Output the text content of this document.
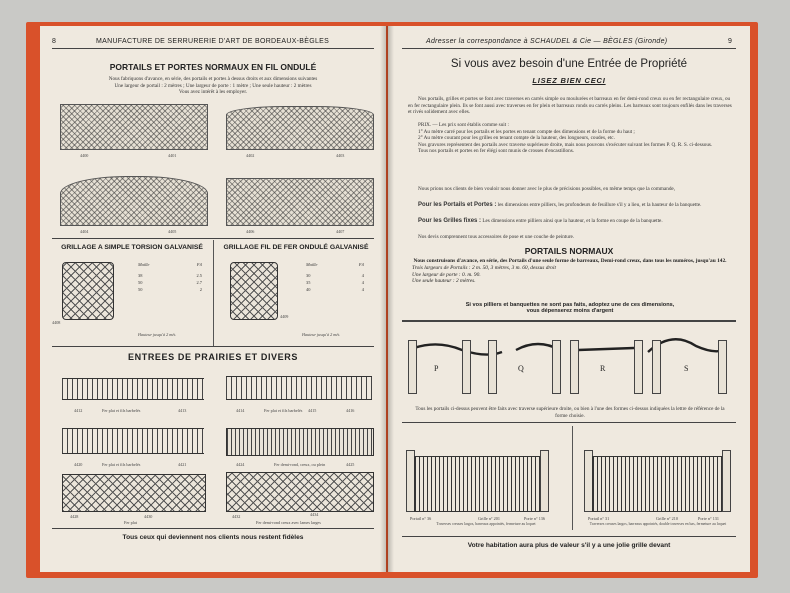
8	MANUFACTURE DE SERRURERIE D'ART DE BORDEAUX-BÈGLES
PORTAILS ET PORTES NORMAUX EN FIL ONDULÉ
Nous fabriquons d'avance, en série, des portails et portes à dessus droits et aux dimensions suivantes
Une largeur de portail : 2 mètres ; Une largeur de porte : 1 mètre ; Une seule hauteur : 2 mètres
Vous avez intérêt à les employer.
4400	4401	4402	4403
4404	4405	4406	4407
GRILLAGE A SIMPLE TORSION GALVANISÉ	GRILLAGE FIL DE FER ONDULÉ GALVANISÉ
4408
Maille	Fil
38	2.5
50	2.7
50	2
Hauteur jusqu'à 2 mèt.
4409
Maille	Fil
30	4
35	4
40	4
Hauteur jusqu'à 2 mèt.
ENTREES DE PRAIRIES ET DIVERS
4412	Fer plat et fils barbelés	4413	4414	Fer plat et fils barbelés 4415	4416
4420	Fer plat et fils barbelés	4421	4424	Fer demi-rond, creux, ou plein	4425
4428
Fer plat
4430	4432	4434
Fer demi-rond creux avec lames larges
Tous ceux qui deviennent nos clients nous restent fidèles
Adresser la correspondance à SCHAUDEL & Cie — BÈGLES (Gironde)	9
Si vous avez besoin d'une Entrée de Propriété
LISEZ BIEN CECI
Nos portails, grilles et portes se font avec traverses en carrés simple ou moulurées et barreaux en fer demi-rond creux ou en fer rectangulaire creux, ou en fer rectangulaire plein. Ils se font aussi avec traverses en fer plein et barreaux ronds ou carrés pleins. Les barreaux sont toujours enfilés dans les traverses et rivés solidement avec elles.
PRIX. — Les prix sont établis comme suit :
1° Au mètre carré pour les portails et les portes en tenant compte des dimensions et de la forme du haut ;
2° Au mètre courant pour les grilles en tenant compte de la hauteur, des longueurs, coudes, etc.
Nos gravures représentent des portails avec traverse supérieure droite, mais nous pouvons s'exécuter suivant les formes P. Q. R. S. ci-dessous.
Tous nos portails et portes en fer élégi sont munis de crosses d'encastillons.
Nous prions nos clients de bien vouloir nous donner avec le plus de précisions possibles, en même temps que la commande,
Pour les Portails et Portes : les dimensions entre pilliers, les profondeurs de feuillure s'il y a lieu, et la hauteur de la banquette.
Pour les Grilles fixes : Les dimensions entre pilliers ainsi que la hauteur, et la forme en coupe de la banquette.
Nos devis comprennent tous accessoires de pose et une couche de peinture.
PORTAILS NORMAUX
Nous construisons d'avance, en série, des Portails d'une seule forme de barreaux, Demi-rond creux, dans tous les numéros, jusqu'au 142.
Trois largeurs de Portails : 2 m. 50, 3 mètres, 3 m. 60, dessus droit
Une largeur de porte : 0. m. 90.
Une seule hauteur : 2 mètres.
Si vos pilliers et banquettes ne sont pas faits, adoptez une de ces dimensions,
vous dépenserez moins d'argent
P	Q	R	S
Tous les portails ci-dessus peuvent être faits avec traverse supérieure droite, ou bien à l'une des formes ci-dessus indiquées la lettre de référence de la forme choisie.
Portail n° 36	Grille n° 201	Porte n° 136	Portail n° 31	Grille n° 210	Porte n° 131
Traverses creuses largos, barreaux appointés, fermeture au loquet	Traverses creuses largos, barreaux appointés, double traverses en bas, fermeture au loquet
Votre habitation aura plus de valeur s'il y a une jolie grille devant
